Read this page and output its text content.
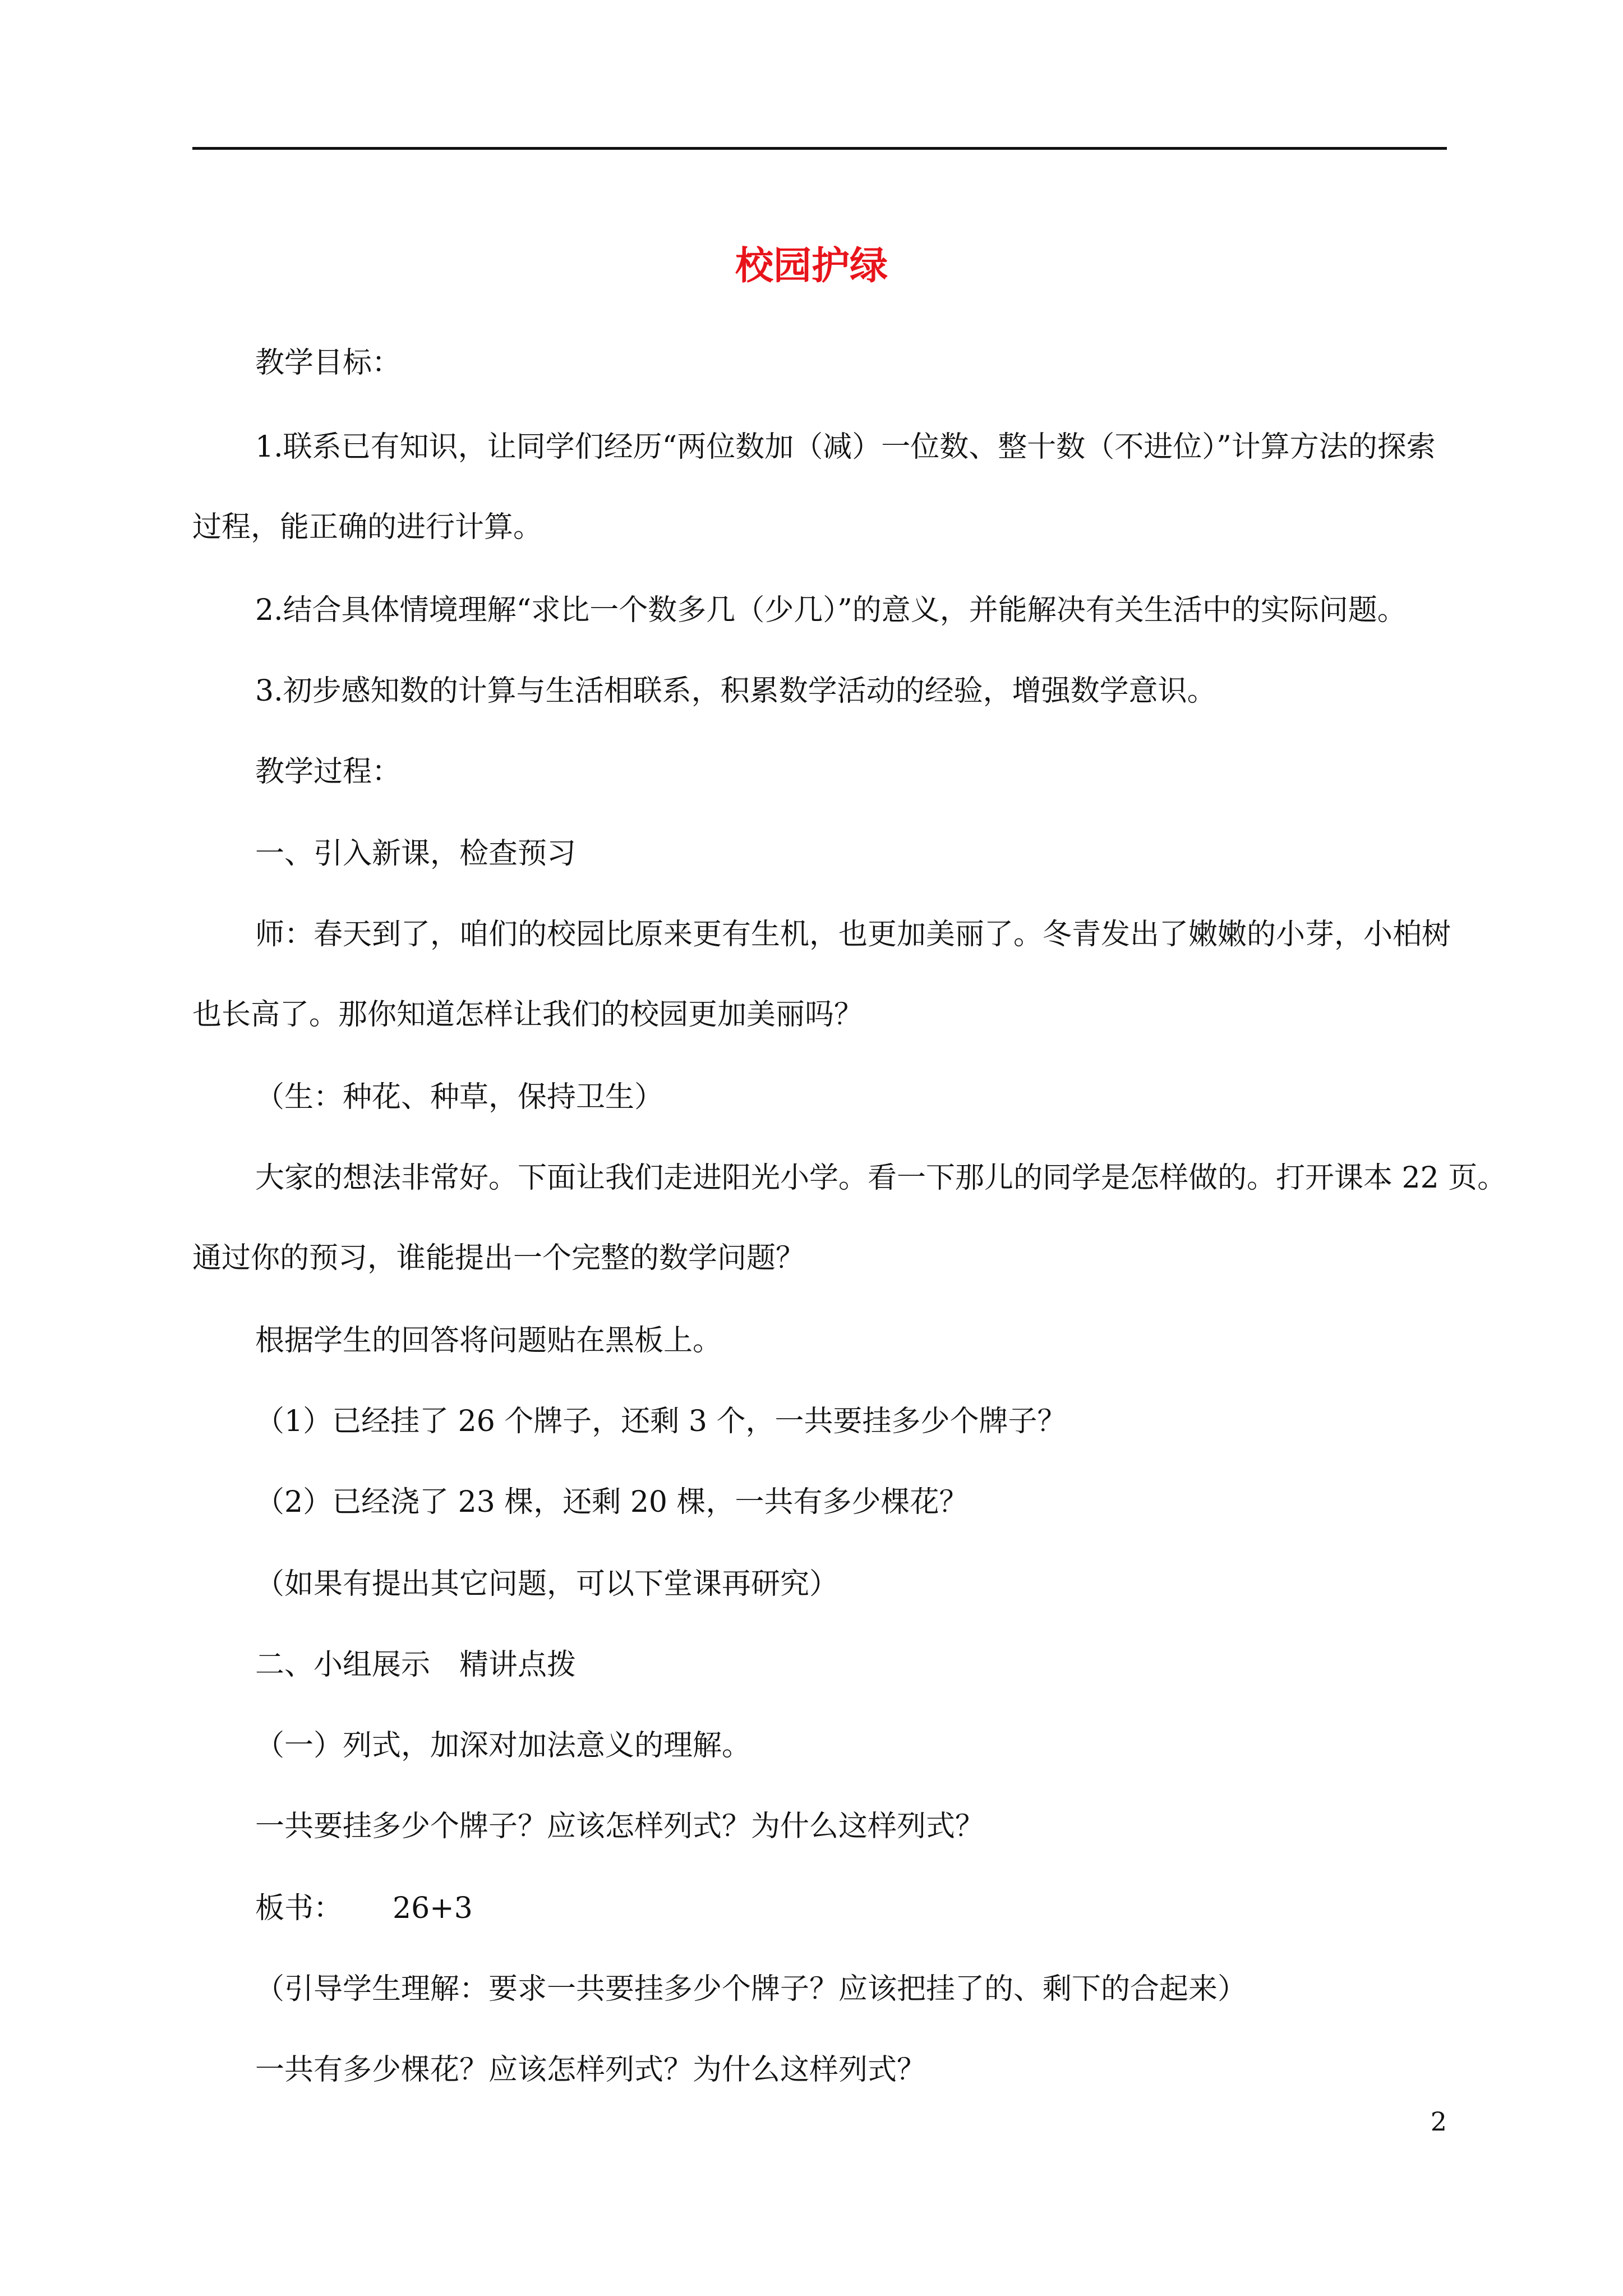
校园护绿

教学目标：

1.联系已有知识，让同学们经历“两位数加（减）一位数、整十数（不进位）”计算方法的探索
过程，能正确的进行计算。

2.结合具体情境理解“求比一个数多几（少几）”的意义，并能解决有关生活中的实际问题。

3.初步感知数的计算与生活相联系，积累数学活动的经验，增强数学意识。

教学过程：

一、引入新课，检查预习

师：春天到了，咱们的校园比原来更有生机，也更加美丽了。冬青发出了嫩嫩的小芽，小柏树
也长高了。那你知道怎样让我们的校园更加美丽吗？

（生：种花、种草，保持卫生）

大家的想法非常好。下面让我们走进阳光小学。看一下那儿的同学是怎样做的。打开课本 22 页。
通过你的预习，谁能提出一个完整的数学问题？

根据学生的回答将问题贴在黑板上。

（1）已经挂了 26 个牌子，还剩 3 个，一共要挂多少个牌子？

（2）已经浇了 23 棵，还剩 20 棵，一共有多少棵花？

（如果有提出其它问题，可以下堂课再研究）

二、小组展示　精讲点拨

（一）列式，加深对加法意义的理解。

一共要挂多少个牌子？应该怎样列式？为什么这样列式？

板书： 26+3

（引导学生理解：要求一共要挂多少个牌子？应该把挂了的、剩下的合起来）

一共有多少棵花？应该怎样列式？为什么这样列式？

2
